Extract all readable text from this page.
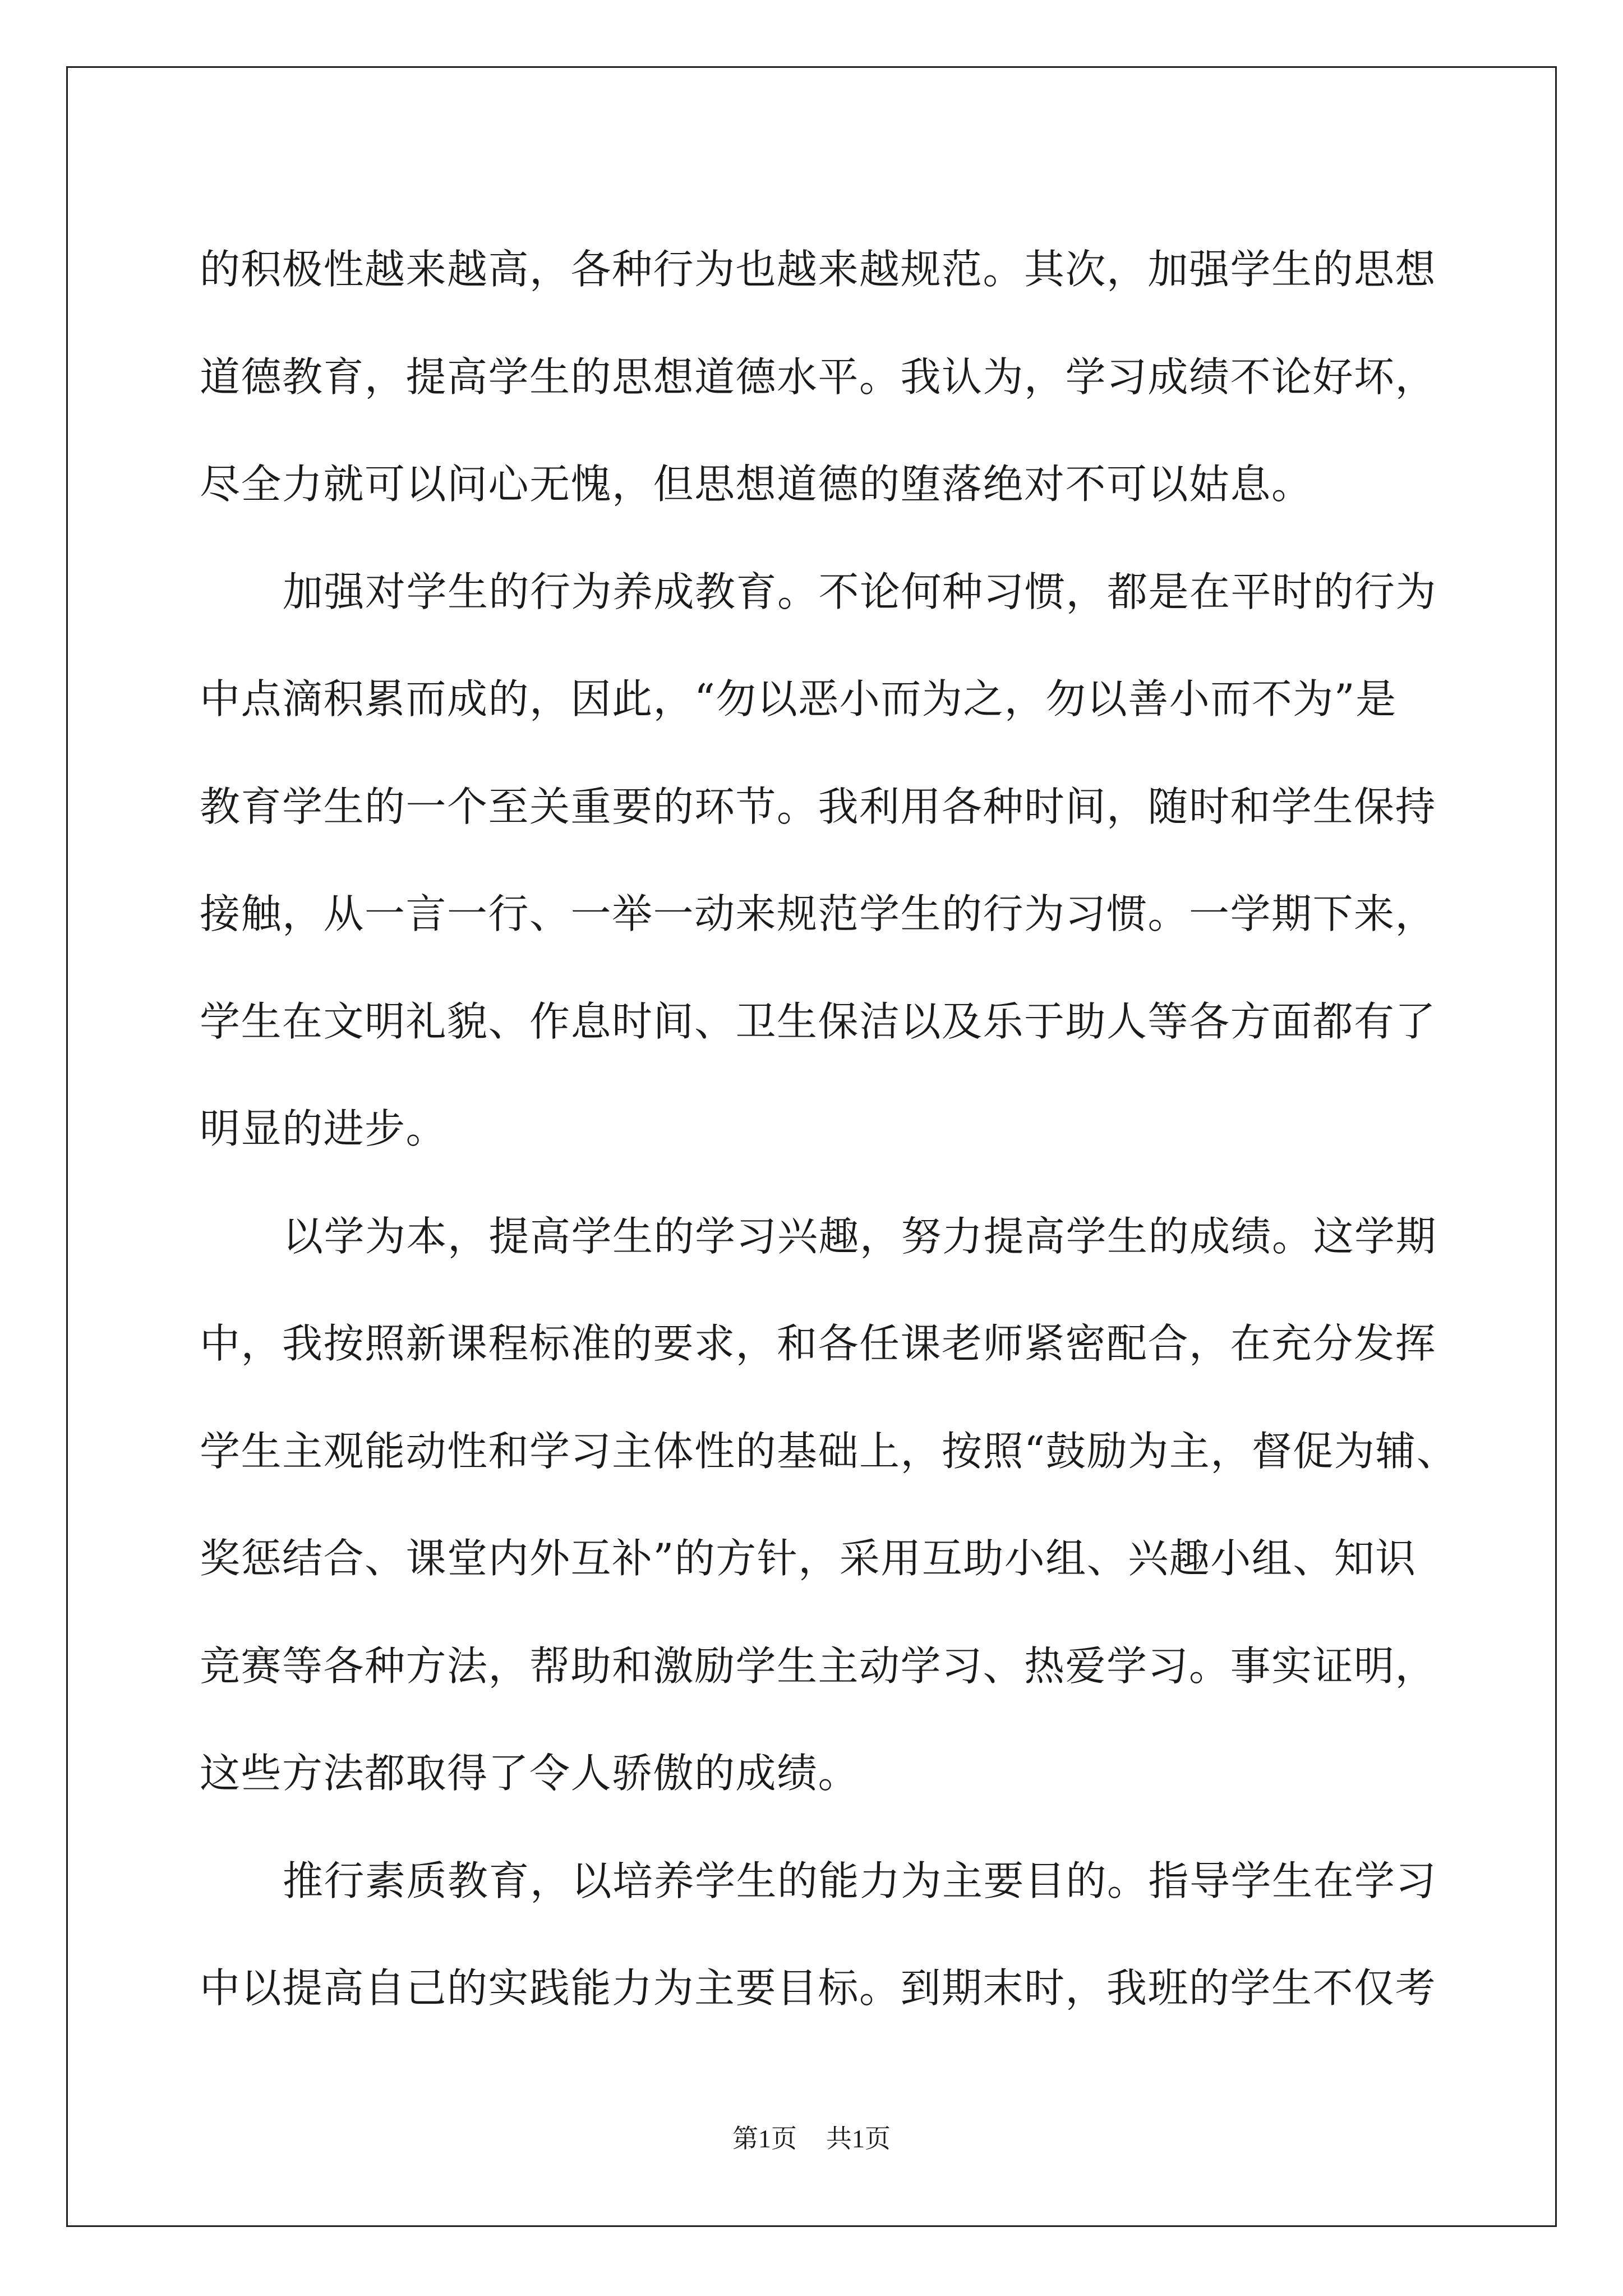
的积极性越来越高，各种行为也越来越规范。其次，加强学生的思想
道德教育，提高学生的思想道德水平。我认为，学习成绩不论好坏，
尽全力就可以问心无愧，但思想道德的堕落绝对不可以姑息。
加强对学生的行为养成教育。不论何种习惯，都是在平时的行为
中点滴积累而成的，因此，“勿以恶小而为之，勿以善小而不为”是
教育学生的一个至关重要的环节。我利用各种时间，随时和学生保持
接触，从一言一行、一举一动来规范学生的行为习惯。一学期下来，
学生在文明礼貌、作息时间、卫生保洁以及乐于助人等各方面都有了
明显的进步。
以学为本，提高学生的学习兴趣，努力提高学生的成绩。这学期
中，我按照新课程标准的要求，和各任课老师紧密配合，在充分发挥
学生主观能动性和学习主体性的基础上，按照“鼓励为主，督促为辅、
奖惩结合、课堂内外互补”的方针，采用互助小组、兴趣小组、知识
竞赛等各种方法，帮助和激励学生主动学习、热爱学习。事实证明，
这些方法都取得了令人骄傲的成绩。
推行素质教育，以培养学生的能力为主要目的。指导学生在学习
中以提高自己的实践能力为主要目标。到期末时，我班的学生不仅考
第1页 共1页
